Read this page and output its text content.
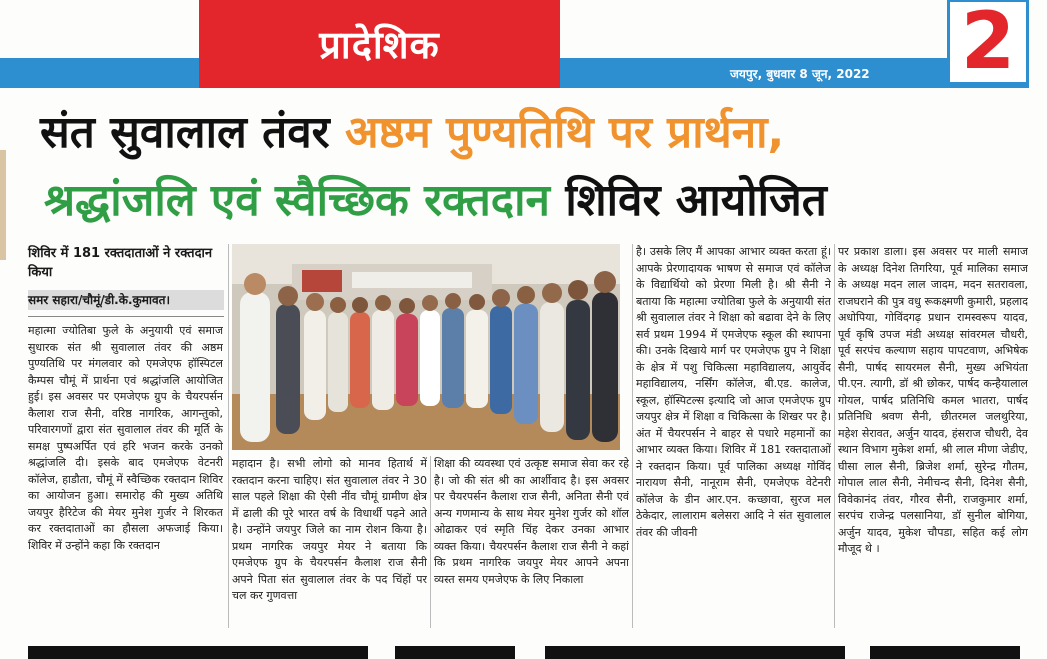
प्रादेशिक
जयपुर, बुधवार 8 जून, 2022 2
संत सुवालाल तंवर अष्ठम पुण्यतिथि पर प्रार्थना,
श्रद्धांजलि एवं स्वैच्छिक रक्तदान शिविर आयोजित
शिविर में 181 रक्तदाताओं ने रक्तदान किया
समर सहारा/चौमूं/डी.के.कुमावत।
महात्मा ज्योतिबा फुले के अनुयायी एवं समाज सुधारक संत श्री सुवालाल तंवर की अष्ठम पुण्यतिथि पर मंगलवार को एमजेएफ हॉस्पिटल कैम्पस चौमूं में प्रार्थना एवं श्रद्धांजलि आयोजित हुई। इस अवसर पर एमजेएफ ग्रुप के चैयरपर्सन कैलाश राज सैनी, वरिष्ठ नागरिक, आगन्तुको, परिवारगणों द्वारा संत सुवालाल तंवर की मूर्ति के समक्ष पुष्पअर्पित एवं हरि भजन करके उनको श्रद्धांजलि दी। इसके बाद एमजेएफ वेटनरी कॉलेज, हाडौता, चौमूं में स्वैच्छिक रक्तदान शिविर का आयोजन हुआ। समारोह की मुख्य अतिथि जयपुर हैरिटेज की मेयर मुनेश गुर्जर ने शिरकत कर रक्तदाताओं का हौसला अफजाई किया। शिविर में उन्होंने कहा कि रक्तदान
महादान है। सभी लोगो को मानव हितार्थ में रक्तदान करना चाहिए। संत सुवालाल तंवर ने 30 साल पहले शिक्षा की ऐसी नींव चौमूं ग्रामीण क्षेत्र में ढाली की पूरे भारत वर्ष के विधार्थी पढ़ने आते है। उन्होंने जयपुर जिले का नाम रोशन किया है। प्रथम नागरिक जयपुर मेयर ने बताया कि एमजेएफ ग्रुप के चैयरपर्सन कैलाश राज सैनी अपने पिता संत सुवालाल तंवर के पद चिंहों पर चल कर गुणवत्ता
शिक्षा की व्यवस्था एवं उत्कृष्ट समाज सेवा कर रहे है। जो की संत श्री का आर्शीवाद है। इस अवसर पर चैयरपर्सन कैलाश राज सैनी, अनिता सैनी एवं अन्य गणमान्य के साथ मेयर मुनेश गुर्जर को शॉल ओढाकर एवं स्मृति चिंह देकर उनका आभार व्यक्त किया। चैयरपर्सन कैलाश राज सैनी ने कहां कि प्रथम नागरिक जयपुर मेयर आपने अपना व्यस्त समय एमजेएफ के लिए निकाला
है। उसके लिए मैं आपका आभार व्यक्त करता हूं। आपके प्रेरणादायक भाषण से समाज एवं कॉलेज के विद्यार्थियो को प्रेरणा मिली है। श्री सैनी ने बताया कि महात्मा ज्योतिबा फुले के अनुयायी संत श्री सुवालाल तंवर ने शिक्षा को बढावा देने के लिए सर्व प्रथम 1994 में एमजेएफ स्कूल की स्थापना की। उनके दिखाये मार्ग पर एमजेएफ ग्रुप ने शिक्षा के क्षेत्र में पशु चिकित्सा महाविद्यालय, आयुर्वेद महाविद्यालय, नर्सिंग कॉलेज, बी.एड. कालेज, स्कूल, हॉस्पिटल्स इत्यादि जो आज एमजेएफ ग्रुप जयपुर क्षेत्र में शिक्षा व चिकित्सा के शिखर पर है। अंत में चैयरपर्सन ने बाहर से पधारे महमानों का आभार व्यक्त किया। शिविर में 181 रक्तदाताओं ने रक्तदान किया। पूर्व पालिका अध्यक्ष गोविंद नारायण सैनी, नानूराम सैनी, एमजेएफ वेटेनरी कॉलेज के डीन आर.एन. कच्छावा, सुरज मल ठेकेदार, लालाराम बलेसरा आदि ने संत सुवालाल तंवर की जीवनी
पर प्रकाश डाला। इस अवसर पर माली समाज के अध्यक्ष दिनेश तिगरिया, पूर्व मालिका समाज के अध्यक्ष मदन लाल जादम, मदन सतरावला, राजघराने की पुत्र वधु रूकक्ष्मणी कुमारी, प्रहलाद अधोपिया, गोविंदगढ़ प्रधान रामस्वरूप यादव, पूर्व कृषि उपज मंडी अध्यक्ष सांवरमल चौधरी, पूर्व सरपंच कल्याण सहाय पापटवाण, अभिषेक सैनी, पार्षद सायरमल सैनी, मुख्य अभियंता पी.एन. त्यागी, डॉ श्री छोकर, पार्षद कन्हैयालाल गोयल, पार्षद प्रतिनिधि कमल भातरा, पार्षद प्रतिनिधि श्रवण सैनी, छीतरमल जलथुरिया, महेश सेरावत, अर्जुन यादव, हंसराज चौधरी, देव स्थान विभाग मुकेश शर्मा, श्री लाल मीणा जेडीए, घीसा लाल सैनी, ब्रिजेश शर्मा, सुरेन्द्र गौतम, गोपाल लाल सैनी, नेमीचन्द सैनी, दिनेश सैनी, विवेकानंद तंवर, गौरव सैनी, राजकुमार शर्मा, सरपंच राजेन्द्र पलसानिया, डॉ सुनील बोगिया, अर्जुन यादव, मुकेश चौपडा, सहित कई लोग मौजूद थे ।
